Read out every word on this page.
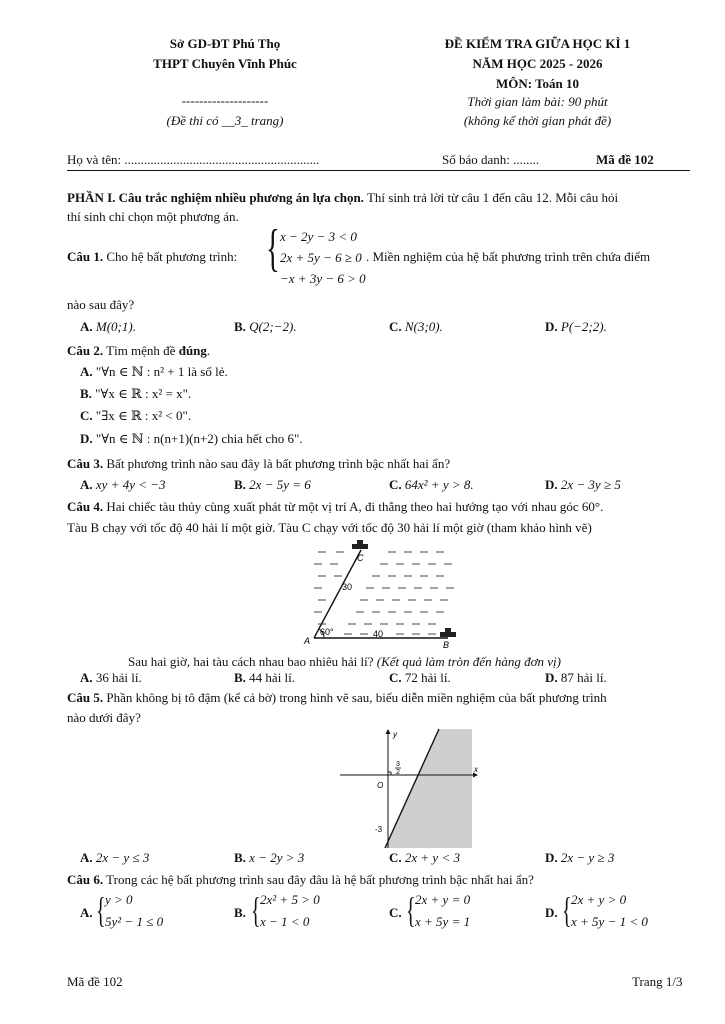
Sở GD-ĐT Phú Thọ
THPT Chuyên Vĩnh Phúc
--------------------
(Đề thi có __3_ trang)
ĐỀ KIỂM TRA GIỮA HỌC KÌ 1
NĂM HỌC 2025 - 2026
MÔN: Toán 10
Thời gian làm bài: 90 phút
(không kể thời gian phát đề)
Họ và tên: ............................................................	Số báo danh: ........	Mã đề 102
PHẦN I. Câu trắc nghiệm nhiều phương án lựa chọn. Thí sinh trả lời từ câu 1 đến câu 12. Mỗi câu hỏi
thí sinh chỉ chọn một phương án.
Câu 1. Cho hệ bất phương trình: { x − 2y − 3 < 0
2x + 5y − 6 ≥ 0
−x + 3y − 6 > 0
. Miền nghiệm của hệ bất phương trình trên chứa điểm
nào sau đây?
A. M(0;1).	B. Q(2;−2).	C. N(3;0).	D. P(−2;2).
Câu 2. Tìm mệnh đề đúng.
A. "∀n ∈ ℕ : n² + 1 là số lẻ.
B. "∀x ∈ ℝ : x² = x".
C. "∃x ∈ ℝ : x² < 0".
D. "∀n ∈ ℕ : n(n+1)(n+2) chia hết cho 6".
Câu 3. Bất phương trình nào sau đây là bất phương trình bậc nhất hai ẩn?
A. xy + 4y < −3	B. 2x − 5y = 6	C. 64x² + y > 8.	D. 2x − 3y ≥ 5
Câu 4. Hai chiếc tàu thủy cùng xuất phát từ một vị trí A, đi thẳng theo hai hướng tạo với nhau góc 60°.
Tàu B chạy với tốc độ 40 hải lí một giờ. Tàu C chạy với tốc độ 30 hải lí một giờ (tham khảo hình vẽ)
A	B
C
30
40
60°
Sau hai giờ, hai tàu cách nhau bao nhiêu hải lí? (Kết quả làm tròn đến hàng đơn vị)
A. 36 hải lí.	B. 44 hải lí.	C. 72 hải lí.	D. 87 hải lí.
Câu 5. Phần không bị tô đậm (kể cả bờ) trong hình vẽ sau, biểu diễn miền nghiệm của bất phương trình
nào dưới đây?
y
x
O
3
2
-3
A. 2x − y ≤ 3	B. x − 2y > 3	C. 2x + y < 3	D. 2x − y ≥ 3
Câu 6. Trong các hệ bất phương trình sau đây đâu là hệ bất phương trình bậc nhất hai ẩn?
A. { y > 0
5y² − 1 ≤ 0
B. { 2x² + 5 > 0
x − 1 < 0
C. { 2x + y = 0
x + 5y = 1
D. { 2x + y > 0
x + 5y − 1 < 0
Mã đề 102	Trang 1/3
